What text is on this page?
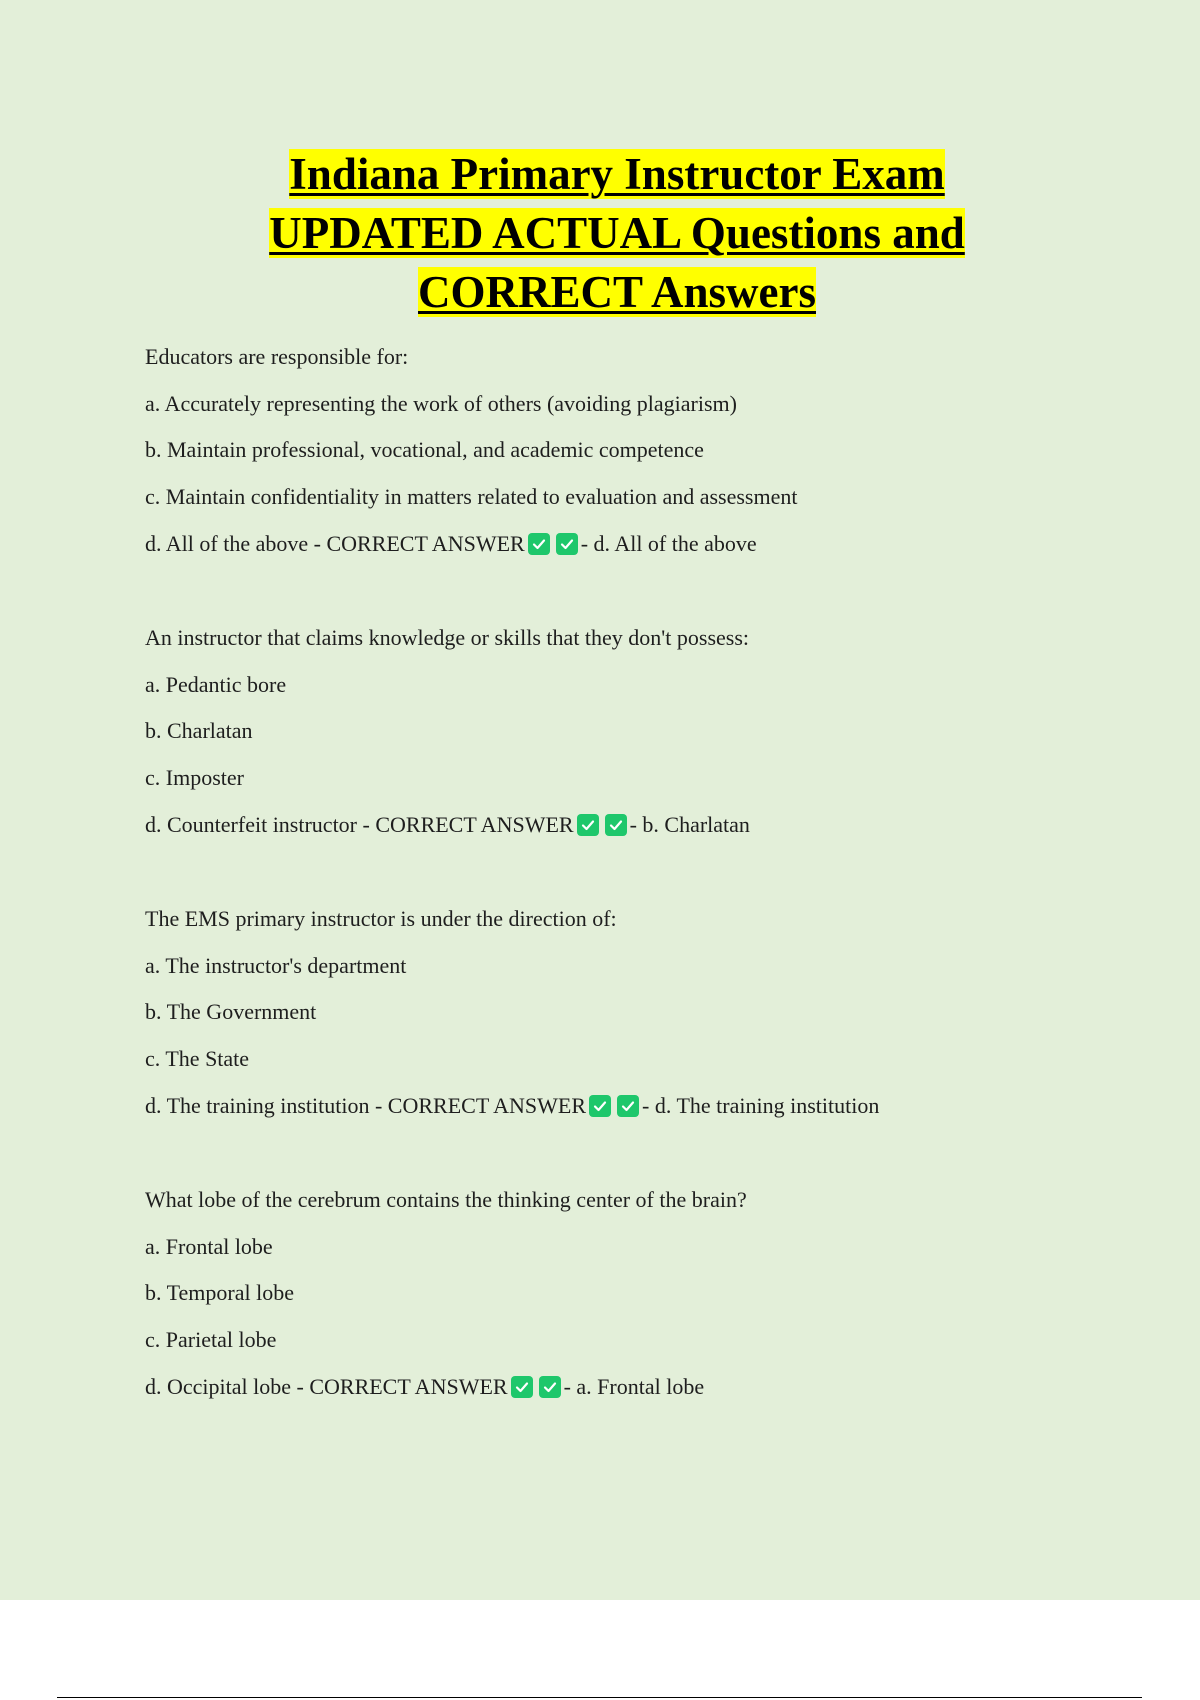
Indiana Primary Instructor Exam
UPDATED ACTUAL Questions and
CORRECT Answers
Educators are responsible for:
a. Accurately representing the work of others (avoiding plagiarism)
b. Maintain professional, vocational, and academic competence
c. Maintain confidentiality in matters related to evaluation and assessment
d. All of the above - CORRECT ANSWER	- d. All of the above
An instructor that claims knowledge or skills that they don't possess:
a. Pedantic bore
b. Charlatan
c. Imposter
d. Counterfeit instructor - CORRECT ANSWER	- b. Charlatan
The EMS primary instructor is under the direction of:
a. The instructor's department
b. The Government
c. The State
d. The training institution - CORRECT ANSWER	- d. The training institution
What lobe of the cerebrum contains the thinking center of the brain?
a. Frontal lobe
b. Temporal lobe
c. Parietal lobe
d. Occipital lobe - CORRECT ANSWER	- a. Frontal lobe
